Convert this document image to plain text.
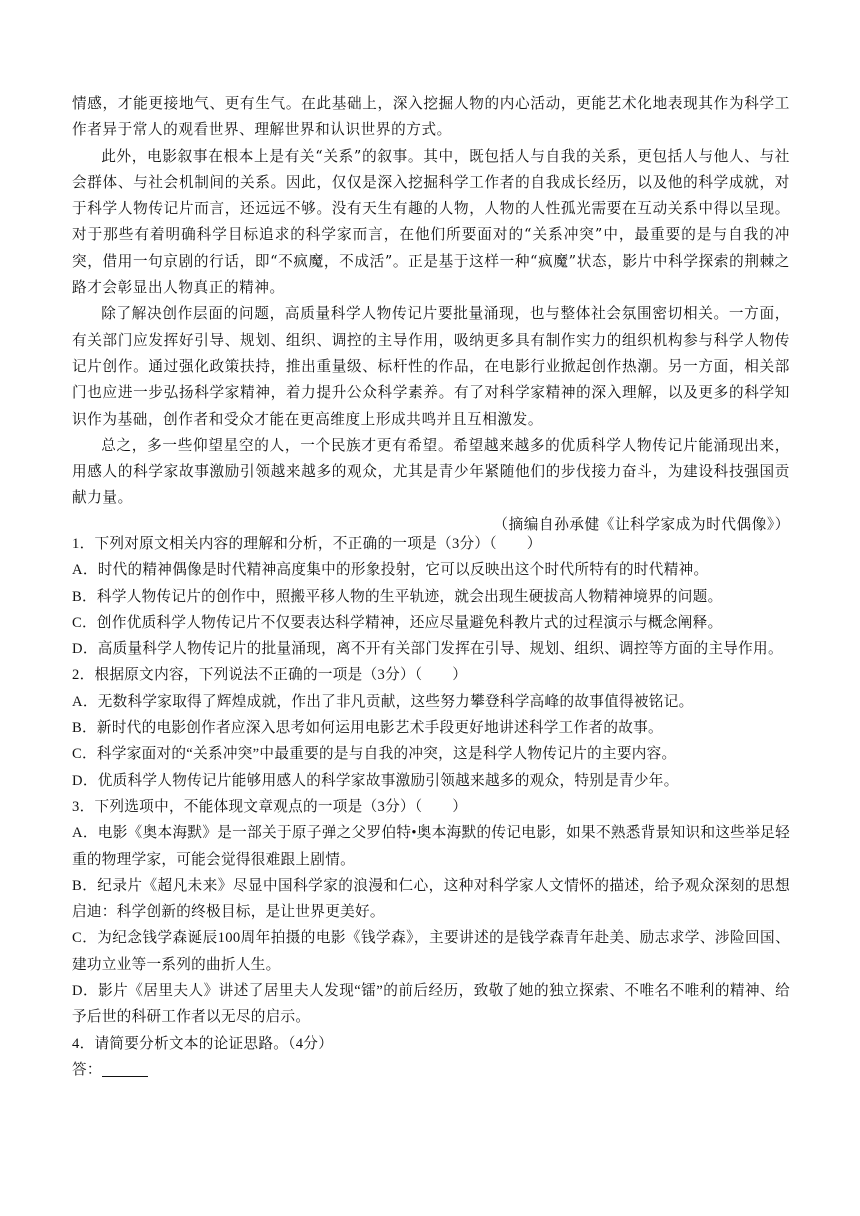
情感，才能更接地气、更有生气。在此基础上，深入挖掘人物的内心活动，更能艺术化地表现其作为科学工作者异于常人的观看世界、理解世界和认识世界的方式。

此外，电影叙事在根本上是有关“关系”的叙事。其中，既包括人与自我的关系，更包括人与他人、与社会群体、与社会机制间的关系。因此，仅仅是深入挖掘科学工作者的自我成长经历，以及他的科学成就，对于科学人物传记片而言，还远远不够。没有天生有趣的人物，人物的人性孤光需要在互动关系中得以呈现。对于那些有着明确科学目标追求的科学家而言，在他们所要面对的“关系冲突”中，最重要的是与自我的冲突，借用一句京剧的行话，即“不疯魔，不成活”。正是基于这样一种“疯魔”状态，影片中科学探索的荆棘之路才会彰显出人物真正的精神。

除了解决创作层面的问题，高质量科学人物传记片要批量涌现，也与整体社会氛围密切相关。一方面，有关部门应发挥好引导、规划、组织、调控的主导作用，吸纳更多具有制作实力的组织机构参与科学人物传记片创作。通过强化政策扶持，推出重量级、标杆性的作品，在电影行业掀起创作热潮。另一方面，相关部门也应进一步弘扬科学家精神，着力提升公众科学素养。有了对科学家精神的深入理解，以及更多的科学知识作为基础，创作者和受众才能在更高维度上形成共鸣并且互相激发。

总之，多一些仰望星空的人，一个民族才更有希望。希望越来越多的优质科学人物传记片能涌现出来，用感人的科学家故事激励引领越来越多的观众，尤其是青少年紧随他们的步伐接力奋斗，为建设科技强国贡献力量。

（摘编自孙承健《让科学家成为时代偶像》）
1．下列对原文相关内容的理解和分析，不正确的一项是（3分）（　　）
A．时代的精神偶像是时代精神高度集中的形象投射，它可以反映出这个时代所特有的时代精神。
B．科学人物传记片的创作中，照搬平移人物的生平轨迹，就会出现生硬拔高人物精神境界的问题。
C．创作优质科学人物传记片不仅要表达科学精神，还应尽量避免科教片式的过程演示与概念阐释。
D．高质量科学人物传记片的批量涌现，离不开有关部门发挥在引导、规划、组织、调控等方面的主导作用。
2．根据原文内容，下列说法不正确的一项是（3分）（　　）
A．无数科学家取得了辉煌成就，作出了非凡贡献，这些努力攀登科学高峰的故事值得被铭记。
B．新时代的电影创作者应深入思考如何运用电影艺术手段更好地讲述科学工作者的故事。
C．科学家面对的“关系冲突”中最重要的是与自我的冲突，这是科学人物传记片的主要内容。
D．优质科学人物传记片能够用感人的科学家故事激励引领越来越多的观众，特别是青少年。
3．下列选项中，不能体现文章观点的一项是（3分）（　　）
A．电影《奥本海默》是一部关于原子弹之父罗伯特•奥本海默的传记电影，如果不熟悉背景知识和这些举足轻重的物理学家，可能会觉得很难跟上剧情。
B．纪录片《超凡未来》尽显中国科学家的浪漫和仁心，这种对科学家人文情怀的描述，给予观众深刻的思想启迪：科学创新的终极目标，是让世界更美好。
C．为纪念钱学森诞辰100周年拍摄的电影《钱学森》，主要讲述的是钱学森青年赴美、励志求学、涉险回国、建功立业等一系列的曲折人生。
D．影片《居里夫人》讲述了居里夫人发现“镭”的前后经历，致敬了她的独立探索、不唯名不唯利的精神、给予后世的科研工作者以无尽的启示。
4．请简要分析文本的论证思路。（4分）
答：
